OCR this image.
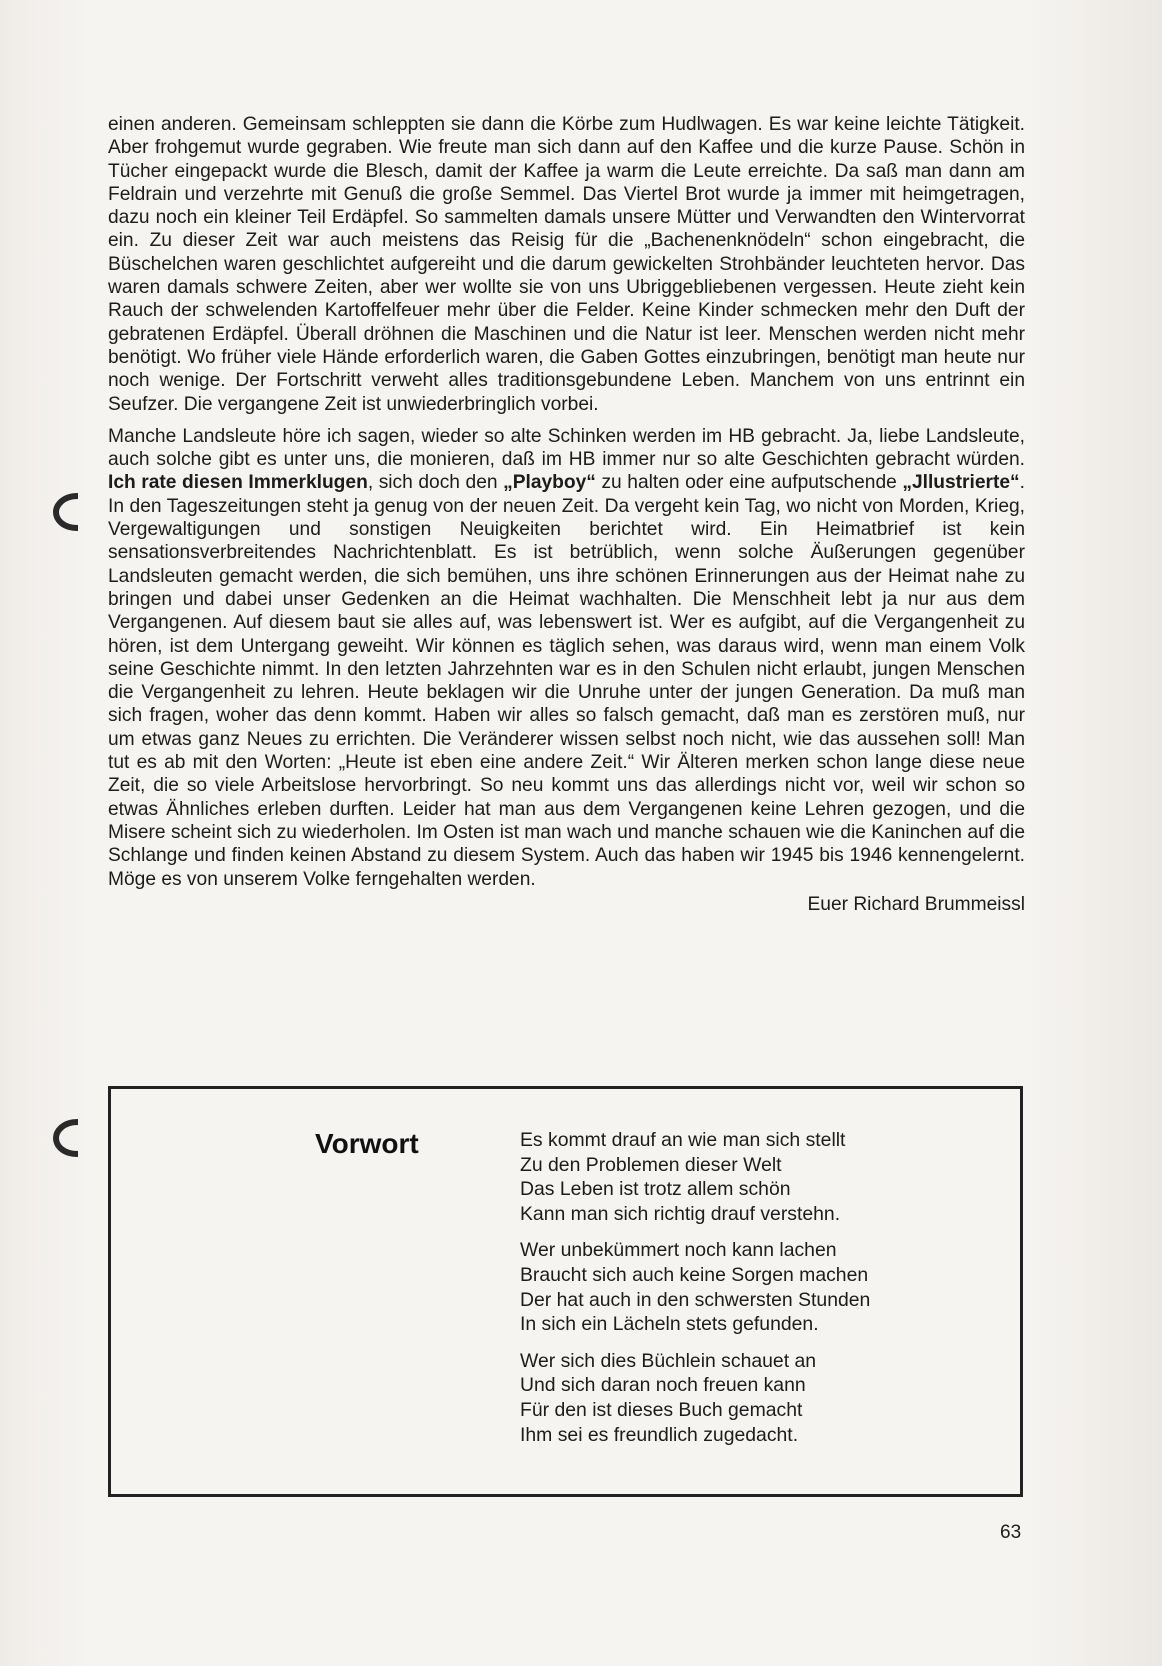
einen anderen. Gemeinsam schleppten sie dann die Körbe zum Hudlwagen. Es war keine leichte Tätigkeit. Aber frohgemut wurde gegraben. Wie freute man sich dann auf den Kaffee und die kurze Pause. Schön in Tücher eingepackt wurde die Blesch, damit der Kaffee ja warm die Leute erreichte. Da saß man dann am Feldrain und verzehrte mit Genuß die große Semmel. Das Viertel Brot wurde ja immer mit heimgetragen, dazu noch ein kleiner Teil Erdäpfel. So sammelten damals unsere Mütter und Verwandten den Wintervorrat ein. Zu dieser Zeit war auch meistens das Reisig für die „Bachenenknödeln“ schon eingebracht, die Büschelchen waren geschlichtet aufgereiht und die darum gewickelten Strohbänder leuchteten hervor. Das waren damals schwere Zeiten, aber wer wollte sie von uns Ubriggebliebenen vergessen. Heute zieht kein Rauch der schwelenden Kartoffelfeuer mehr über die Felder. Keine Kinder schmecken mehr den Duft der gebratenen Erdäpfel. Überall dröhnen die Maschinen und die Natur ist leer. Menschen werden nicht mehr benötigt. Wo früher viele Hände erforderlich waren, die Gaben Gottes einzubringen, benötigt man heute nur noch wenige. Der Fortschritt verweht alles traditionsgebundene Leben. Manchem von uns entrinnt ein Seufzer. Die vergangene Zeit ist unwiederbringlich vorbei.

Manche Landsleute höre ich sagen, wieder so alte Schinken werden im HB gebracht. Ja, liebe Landsleute, auch solche gibt es unter uns, die monieren, daß im HB immer nur so alte Geschichten gebracht würden. Ich rate diesen Immerklugen, sich doch den „Playboy“ zu halten oder eine aufputschende „Jllustrierte“. In den Tageszeitungen steht ja genug von der neuen Zeit. Da vergeht kein Tag, wo nicht von Morden, Krieg, Vergewaltigungen und sonstigen Neuigkeiten berichtet wird. Ein Heimatbrief ist kein sensationsverbreitendes Nachrichtenblatt. Es ist betrüblich, wenn solche Äußerungen gegenüber Landsleuten gemacht werden, die sich bemühen, uns ihre schönen Erinnerungen aus der Heimat nahe zu bringen und dabei unser Gedenken an die Heimat wachhalten. Die Menschheit lebt ja nur aus dem Vergangenen. Auf diesem baut sie alles auf, was lebenswert ist. Wer es aufgibt, auf die Vergangenheit zu hören, ist dem Untergang geweiht. Wir können es täglich sehen, was daraus wird, wenn man einem Volk seine Geschichte nimmt. In den letzten Jahrzehnten war es in den Schulen nicht erlaubt, jungen Menschen die Vergangenheit zu lehren. Heute beklagen wir die Unruhe unter der jungen Generation. Da muß man sich fragen, woher das denn kommt. Haben wir alles so falsch gemacht, daß man es zerstören muß, nur um etwas ganz Neues zu errichten. Die Veränderer wissen selbst noch nicht, wie das aussehen soll! Man tut es ab mit den Worten: „Heute ist eben eine andere Zeit.“ Wir Älteren merken schon lange diese neue Zeit, die so viele Arbeitslose hervorbringt. So neu kommt uns das allerdings nicht vor, weil wir schon so etwas Ähnliches erleben durften. Leider hat man aus dem Vergangenen keine Lehren gezogen, und die Misere scheint sich zu wiederholen. Im Osten ist man wach und manche schauen wie die Kaninchen auf die Schlange und finden keinen Abstand zu diesem System. Auch das haben wir 1945 bis 1946 kennengelernt. Möge es von unserem Volke ferngehalten werden.

Euer Richard Brummeissl
Vorwort	Es kommt drauf an wie man sich stellt
Zu den Problemen dieser Welt
Das Leben ist trotz allem schön
Kann man sich richtig drauf verstehn.
Wer unbekümmert noch kann lachen
Braucht sich auch keine Sorgen machen
Der hat auch in den schwersten Stunden
In sich ein Lächeln stets gefunden.
Wer sich dies Büchlein schauet an
Und sich daran noch freuen kann
Für den ist dieses Buch gemacht
Ihm sei es freundlich zugedacht.
63
